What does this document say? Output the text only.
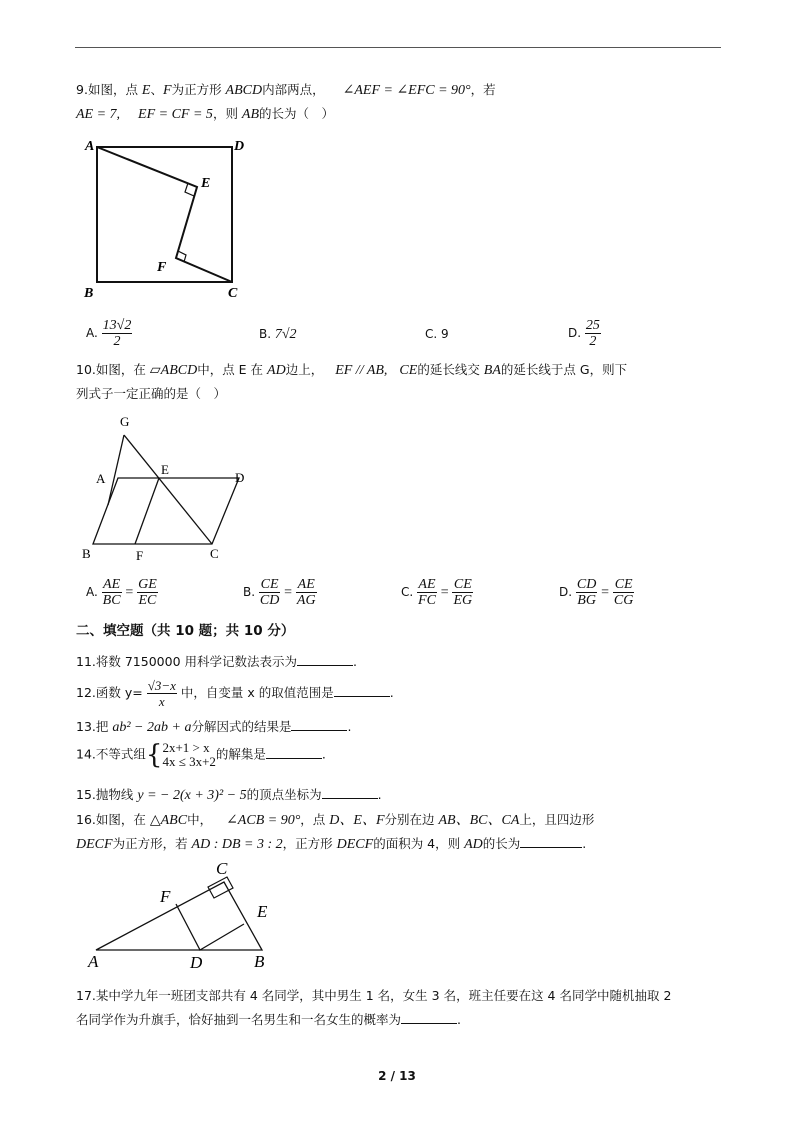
9.如图，点 E、F为正方形 ABCD内部两点， ∠AEF = ∠EFC = 90°，若
AE = 7, EF = CF = 5，则 AB的长为（　）
A	D
E
F
B	C
A. $\frac{13√2}{2}$	B. 7√2	C. 9	D. $\frac{25}{2}$
10.如图，在 ▱ABCD中，点 E 在 AD边上， EF // AB, CE的延长线交 BA的延长线于点 G，则下
列式子一定正确的是（　）
G
A
E
D
B	F	C
A. $\frac{AE}{BC} = \frac{GE}{EC}$	B. $\frac{CE}{CD} = \frac{AE}{AG}$	C. $\frac{AE}{FC} = \frac{CE}{EG}$	D. $\frac{CD}{BG} = \frac{CE}{CG}$
二、填空题（共 10 题；共 10 分）
11.将数 7150000 用科学记数法表示为	.
12.函数 $y= \frac{√3-x}{x}$ 中，自变量 x 的取值范围是	.
13.把 ab² − 2ab + a分解因式的结果是	.
14.不等式组{ 2x+1 > x
4x ≤ 3x+2 的解集是	.
15.抛物线 y = − 2(x + 3)² − 5的顶点坐标为	.
16.如图，在 △ABC中， ∠ACB = 90°，点 D、E、F分别在边 AB、BC、CA上，且四边形
DECF为正方形，若 AD : DB = 3 : 2，正方形 DECF的面积为 4，则 AD的长为	.
C
F
E
A	D	B
17.某中学九年一班团支部共有 4 名同学，其中男生 1 名，女生 3 名，班主任要在这 4 名同学中随机抽取 2
名同学作为升旗手，恰好抽到一名男生和一名女生的概率为	.
2 / 13
